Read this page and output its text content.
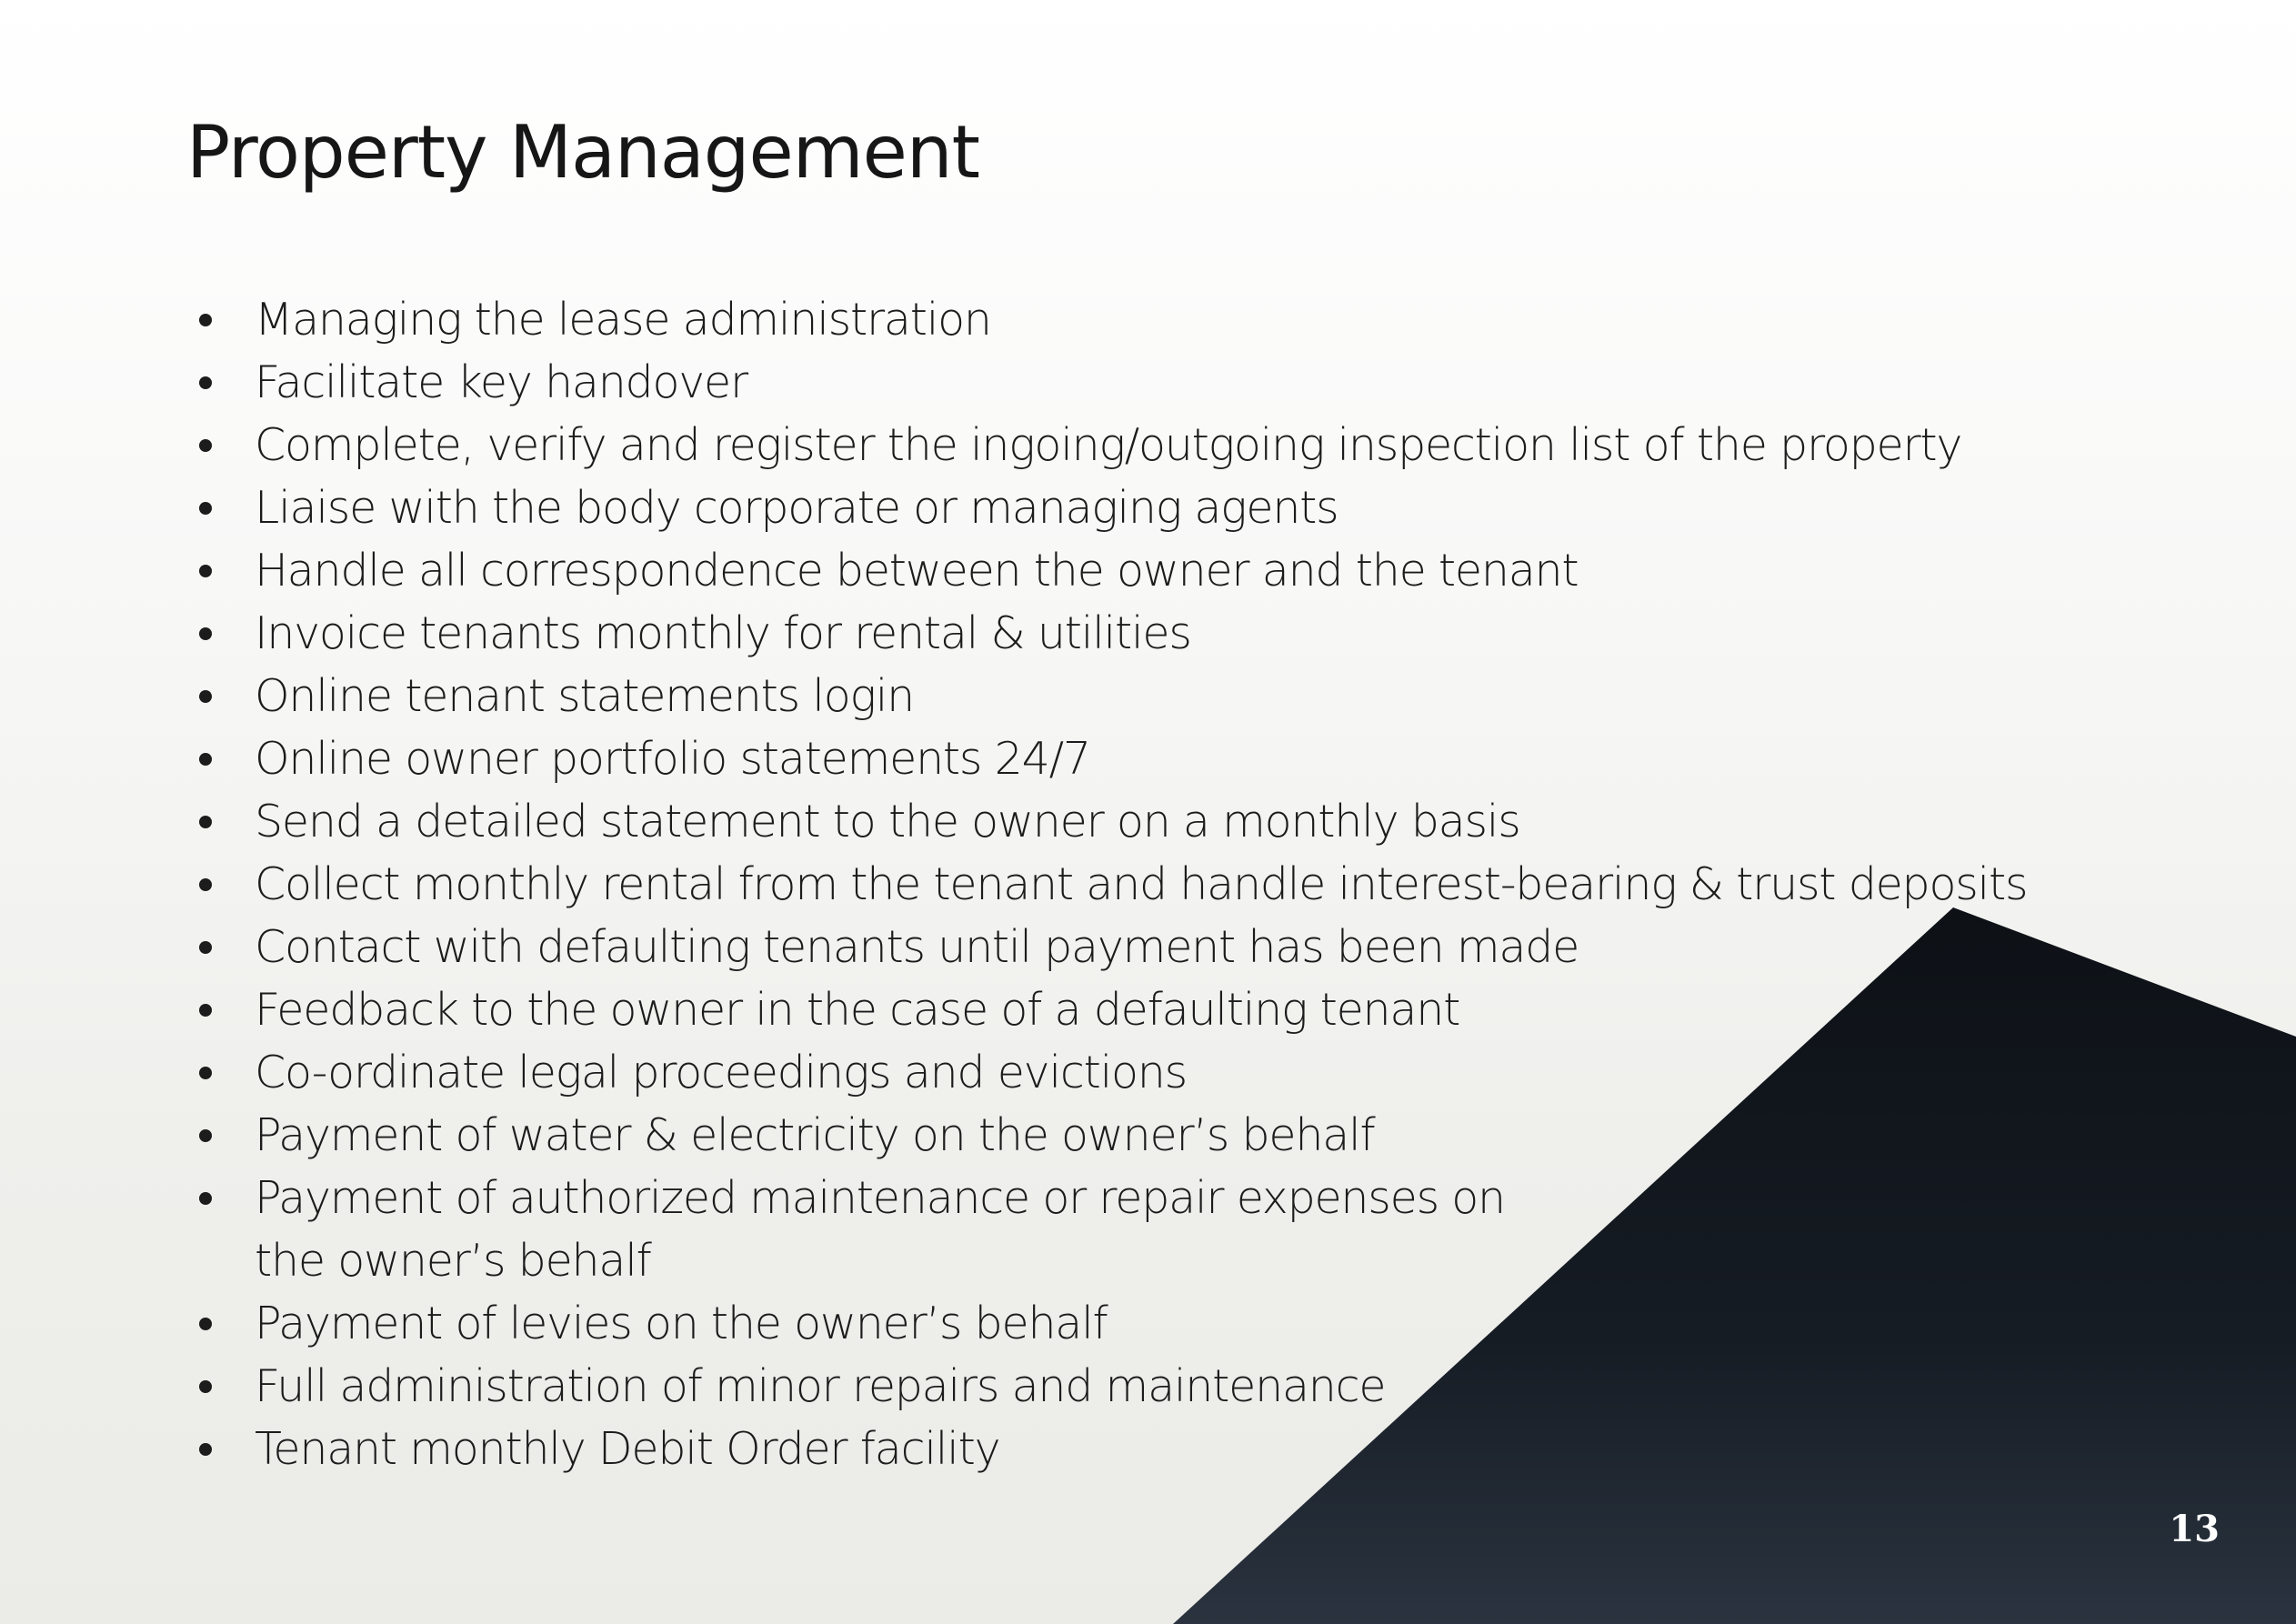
Property Management
Managing the lease administration
Facilitate key handover
Complete, verify and register the ingoing/outgoing inspection list of the property
Liaise with the body corporate or managing agents
Handle all correspondence between the owner and the tenant
Invoice tenants monthly for rental & utilities
Online tenant statements login
Online owner portfolio statements 24/7
Send a detailed statement to the owner on a monthly basis
Collect monthly rental from the tenant and handle interest-bearing & trust deposits
Contact with defaulting tenants until payment has been made
Feedback to the owner in the case of a defaulting tenant
Co-ordinate legal proceedings and evictions
Payment of water & electricity on the owner’s behalf
Payment of authorized maintenance or repair expenses on
the owner’s behalf
Payment of levies on the owner’s behalf
Full administration of minor repairs and maintenance
Tenant monthly Debit Order facility
13
